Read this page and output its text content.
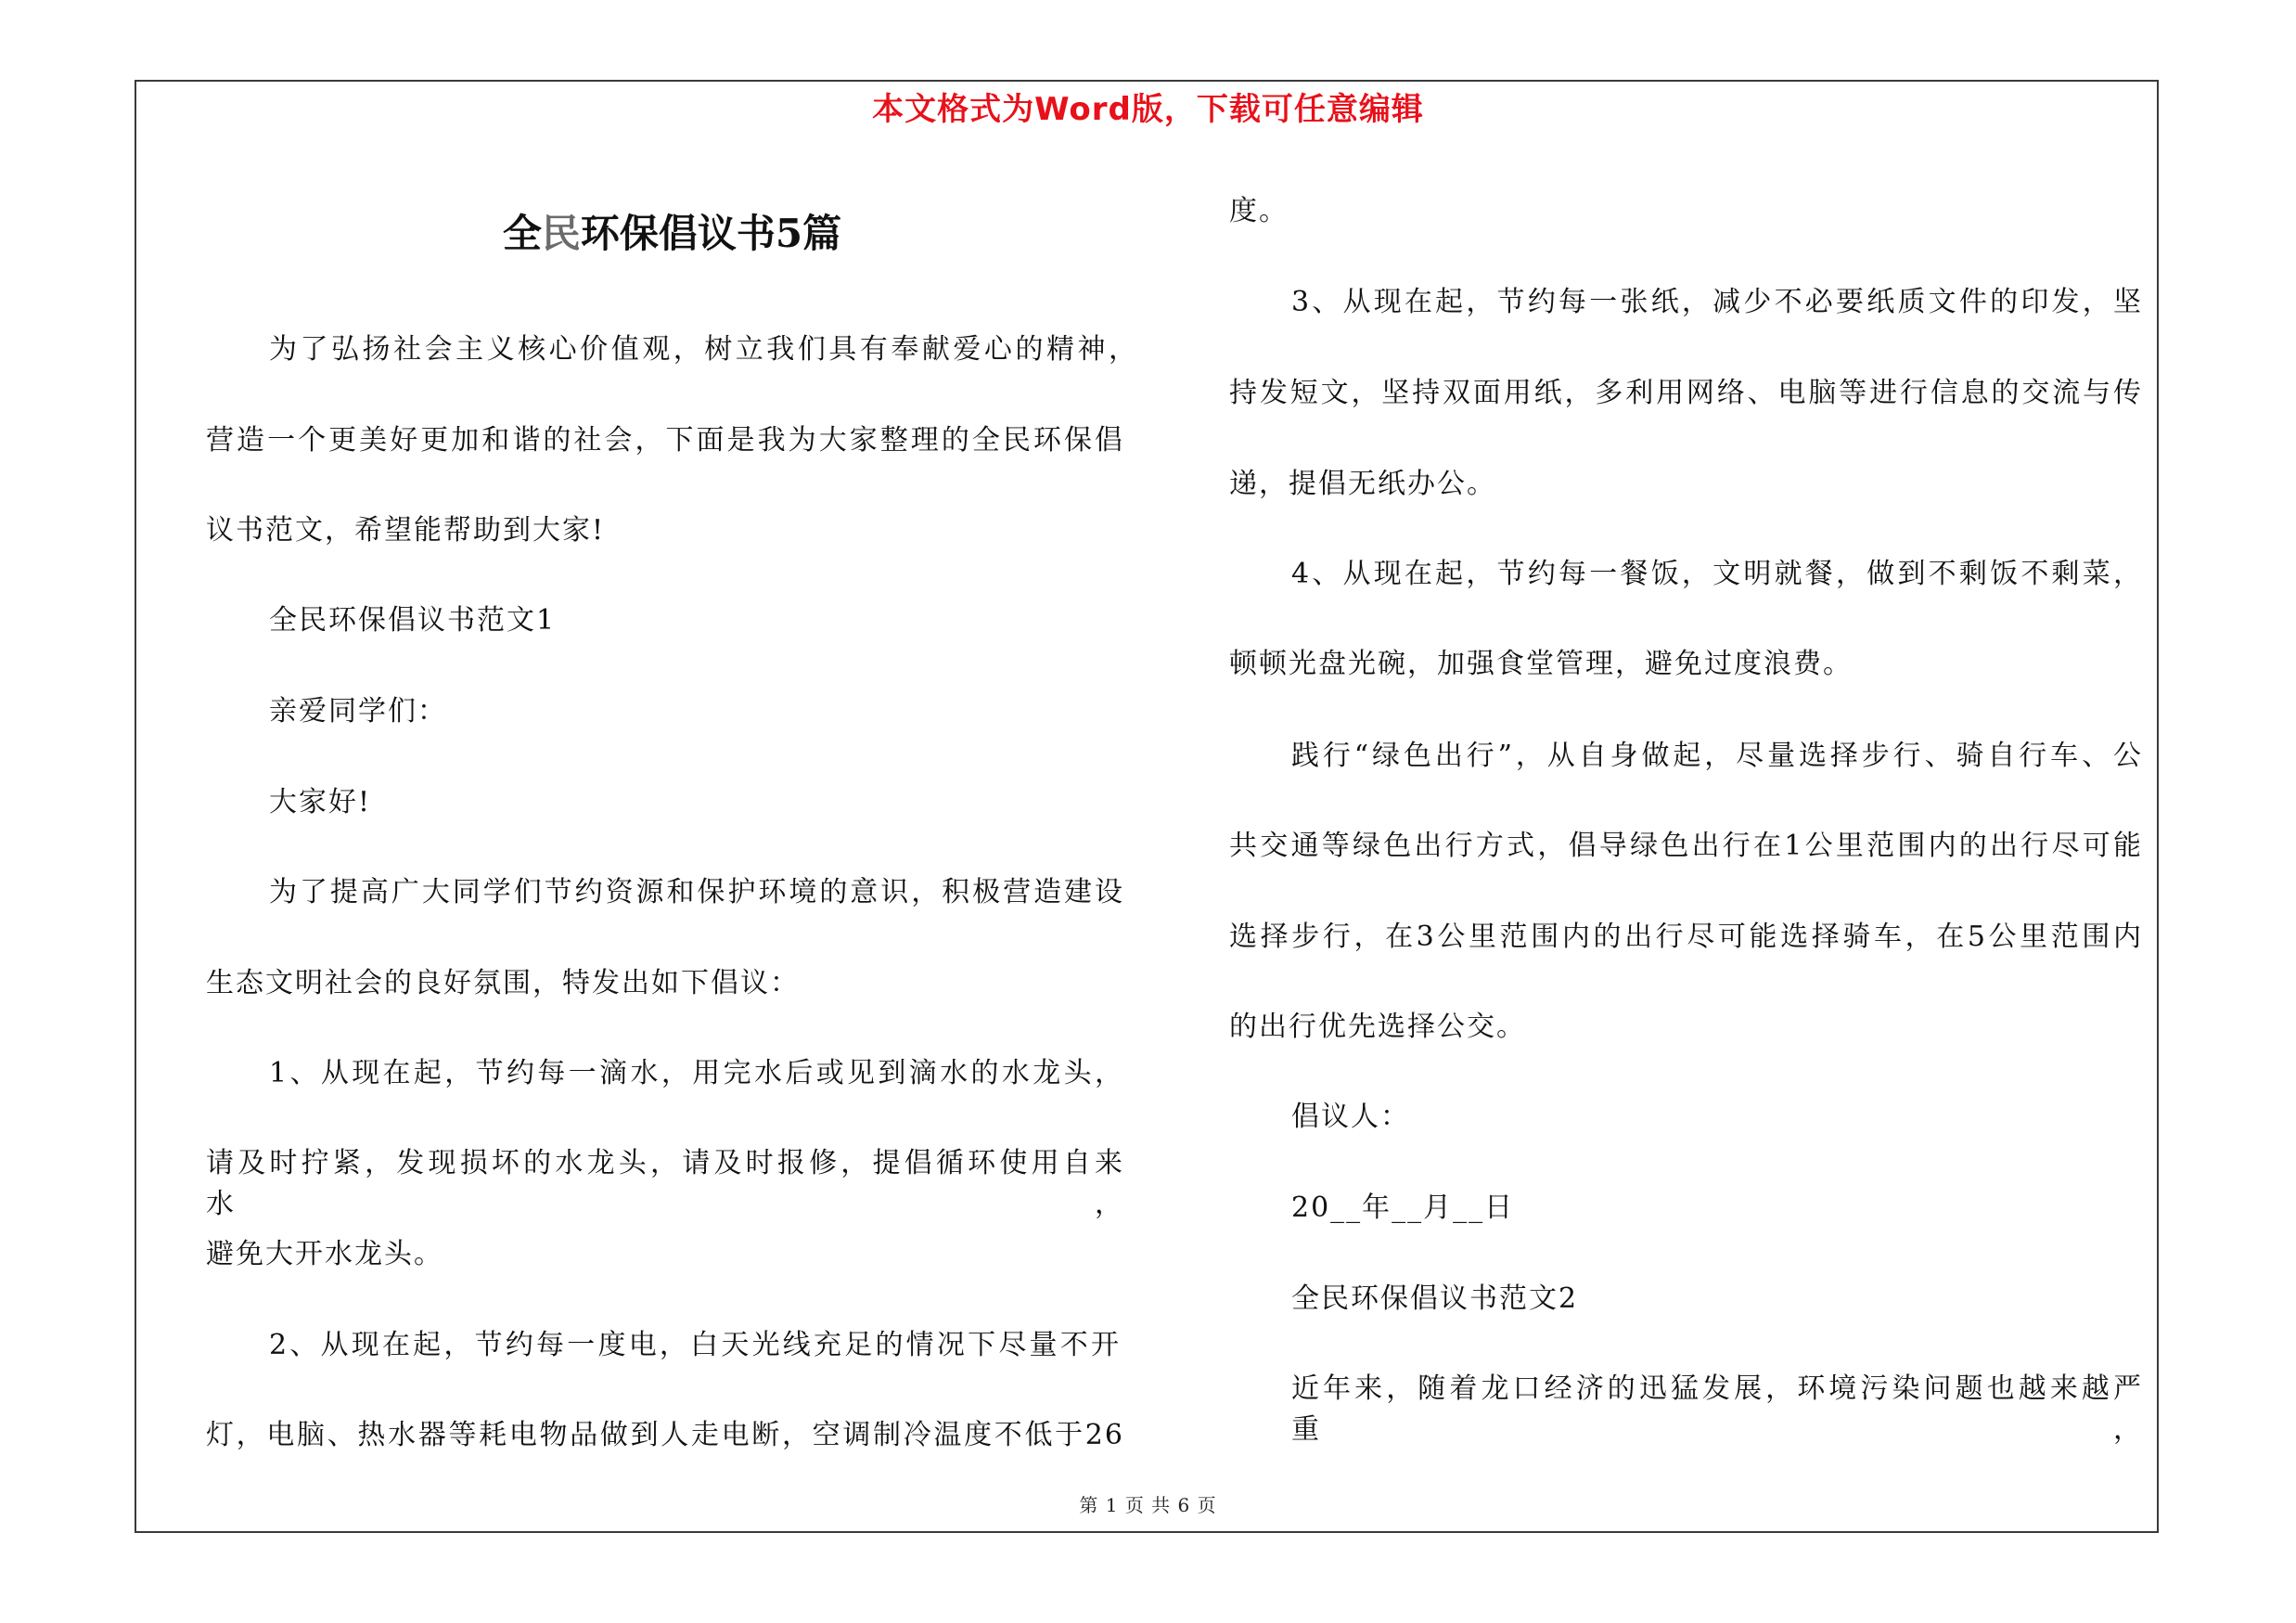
本文格式为Word版，下载可任意编辑
全民环保倡议书5篇
为了弘扬社会主义核心价值观，树立我们具有奉献爱心的精神，
营造一个更美好更加和谐的社会，下面是我为大家整理的全民环保倡
议书范文，希望能帮助到大家!
全民环保倡议书范文1
亲爱同学们：
大家好!
为了提高广大同学们节约资源和保护环境的意识，积极营造建设
生态文明社会的良好氛围，特发出如下倡议：
1、从现在起，节约每一滴水，用完水后或见到滴水的水龙头，
请及时拧紧，发现损坏的水龙头，请及时报修，提倡循环使用自来水，
避免大开水龙头。
2、从现在起，节约每一度电，白天光线充足的情况下尽量不开
灯，电脑、热水器等耗电物品做到人走电断，空调制冷温度不低于26
度。
3、从现在起，节约每一张纸，减少不必要纸质文件的印发，坚
持发短文，坚持双面用纸，多利用网络、电脑等进行信息的交流与传
递，提倡无纸办公。
4、从现在起，节约每一餐饭，文明就餐，做到不剩饭不剩菜，
顿顿光盘光碗，加强食堂管理，避免过度浪费。
践行“绿色出行”，从自身做起，尽量选择步行、骑自行车、公
共交通等绿色出行方式，倡导绿色出行在1公里范围内的出行尽可能
选择步行，在3公里范围内的出行尽可能选择骑车，在5公里范围内
的出行优先选择公交。
倡议人：
20__年__月__日
全民环保倡议书范文2
近年来，随着龙口经济的迅猛发展，环境污染问题也越来越严重，
第 1 页 共 6 页
